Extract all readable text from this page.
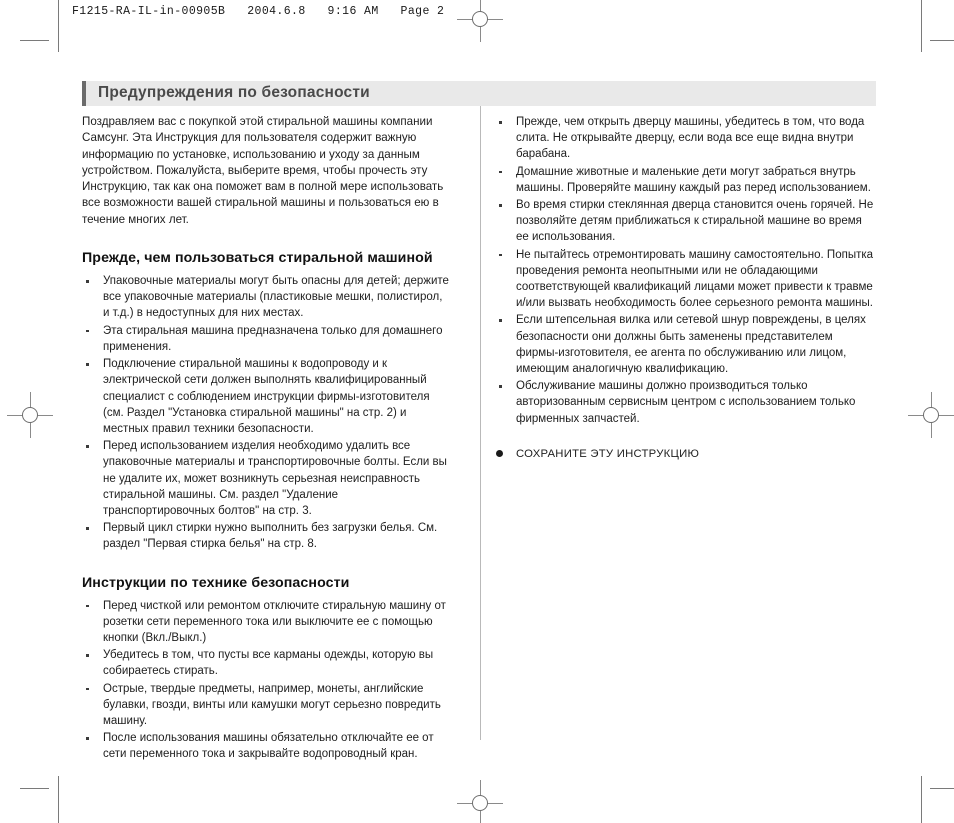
F1215-RA-IL-in-00905B   2004.6.8   9:16 AM   Page 2
Предупреждения по безопасности

Поздравляем вас с покупкой этой стиральной машины компании Самсунг. Эта Инструкция для пользователя содержит важную информацию по установке, использованию и уходу за данным устройством. Пожалуйста, выберите время, чтобы прочесть эту Инструкцию, так как она поможет вам в полной мере использовать все возможности вашей стиральной машины и пользоваться ею в течение многих лет.

Прежде, чем пользоваться стиральной машиной
Упаковочные материалы могут быть опасны для детей; держите все упаковочные материалы (пластиковые мешки, полистирол, и т.д.) в недоступных для них местах.
Эта стиральная машина предназначена только для домашнего применения.
Подключение стиральной машины к водопроводу и к электрической сети должен выполнять квалифицированный специалист с соблюдением инструкции фирмы-изготовителя (см. Раздел "Установка стиральной машины" на стр. 2) и местных правил техники безопасности.
Перед использованием изделия необходимо удалить все упаковочные материалы и транспортировочные болты. Если вы не удалите их, может возникнуть серьезная неисправность стиральной машины. См. раздел "Удаление транспортировочных болтов" на стр. 3.
Первый цикл стирки нужно выполнить без загрузки белья. См. раздел "Первая стирка белья" на стр. 8.
Инструкции по технике безопасности
Перед чисткой или ремонтом отключите стиральную машину от розетки сети переменного тока или выключите ее с помощью кнопки (Вкл./Выкл.)
Убедитесь в том, что пусты все карманы одежды, которую вы собираетесь стирать.
Острые, твердые предметы, например, монеты, английские булавки, гвозди, винты или камушки могут серьезно повредить машину.
После использования машины обязательно отключайте ее от сети переменного тока и закрывайте водопроводный кран.
Прежде, чем открыть дверцу машины, убедитесь в том, что вода слита. Не открывайте дверцу, если вода все еще видна внутри барабана.
Домашние животные и маленькие дети могут забраться внутрь машины. Проверяйте машину каждый раз перед использованием.
Во время стирки стеклянная дверца становится очень горячей. Не позволяйте детям приближаться к стиральной машине во время ее использования.
Не пытайтесь отремонтировать машину самостоятельно. Попытка проведения ремонта неопытными или не обладающими соответствующей квалификаций лицами может привести к травме и/или вызвать необходимость более серьезного ремонта машины.
Если штепсельная вилка или сетевой шнур повреждены, в целях безопасности они должны быть заменены представителем фирмы-изготовителя, ее агента по обслуживанию или лицом, имеющим аналогичную квалификацию.
Обслуживание машины должно производиться только авторизованным сервисным центром с использованием только фирменных запчастей.
СОХРАНИТЕ ЭТУ ИНСТРУКЦИЮ
